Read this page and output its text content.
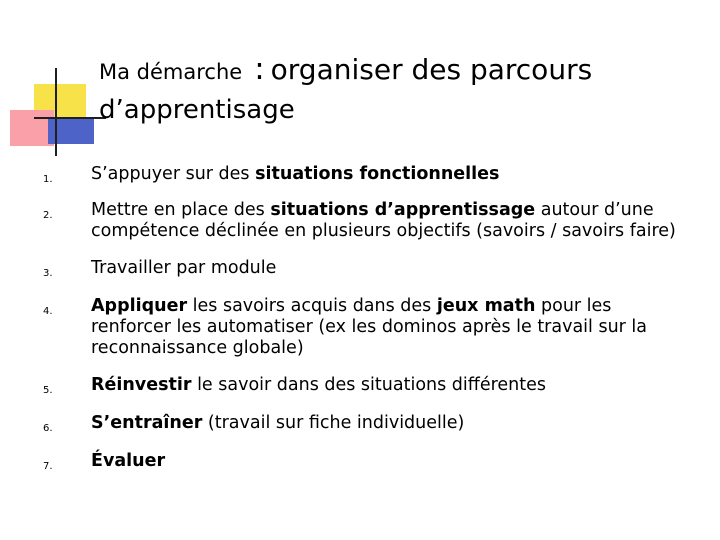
Ma démarche : organiser des parcours
d’apprentisage
1. S’appuyer sur des situations fonctionnelles
2. Mettre en place des situations d’apprentissage autour d’une compétence déclinée en plusieurs objectifs (savoirs / savoirs faire)
3. Travailler par module
4. Appliquer les savoirs acquis dans des jeux math pour les renforcer les automatiser (ex les dominos après le travail sur la reconnaissance globale)
5. Réinvestir le savoir dans des situations différentes
6. S’entraîner (travail sur fiche individuelle)
7. Évaluer
